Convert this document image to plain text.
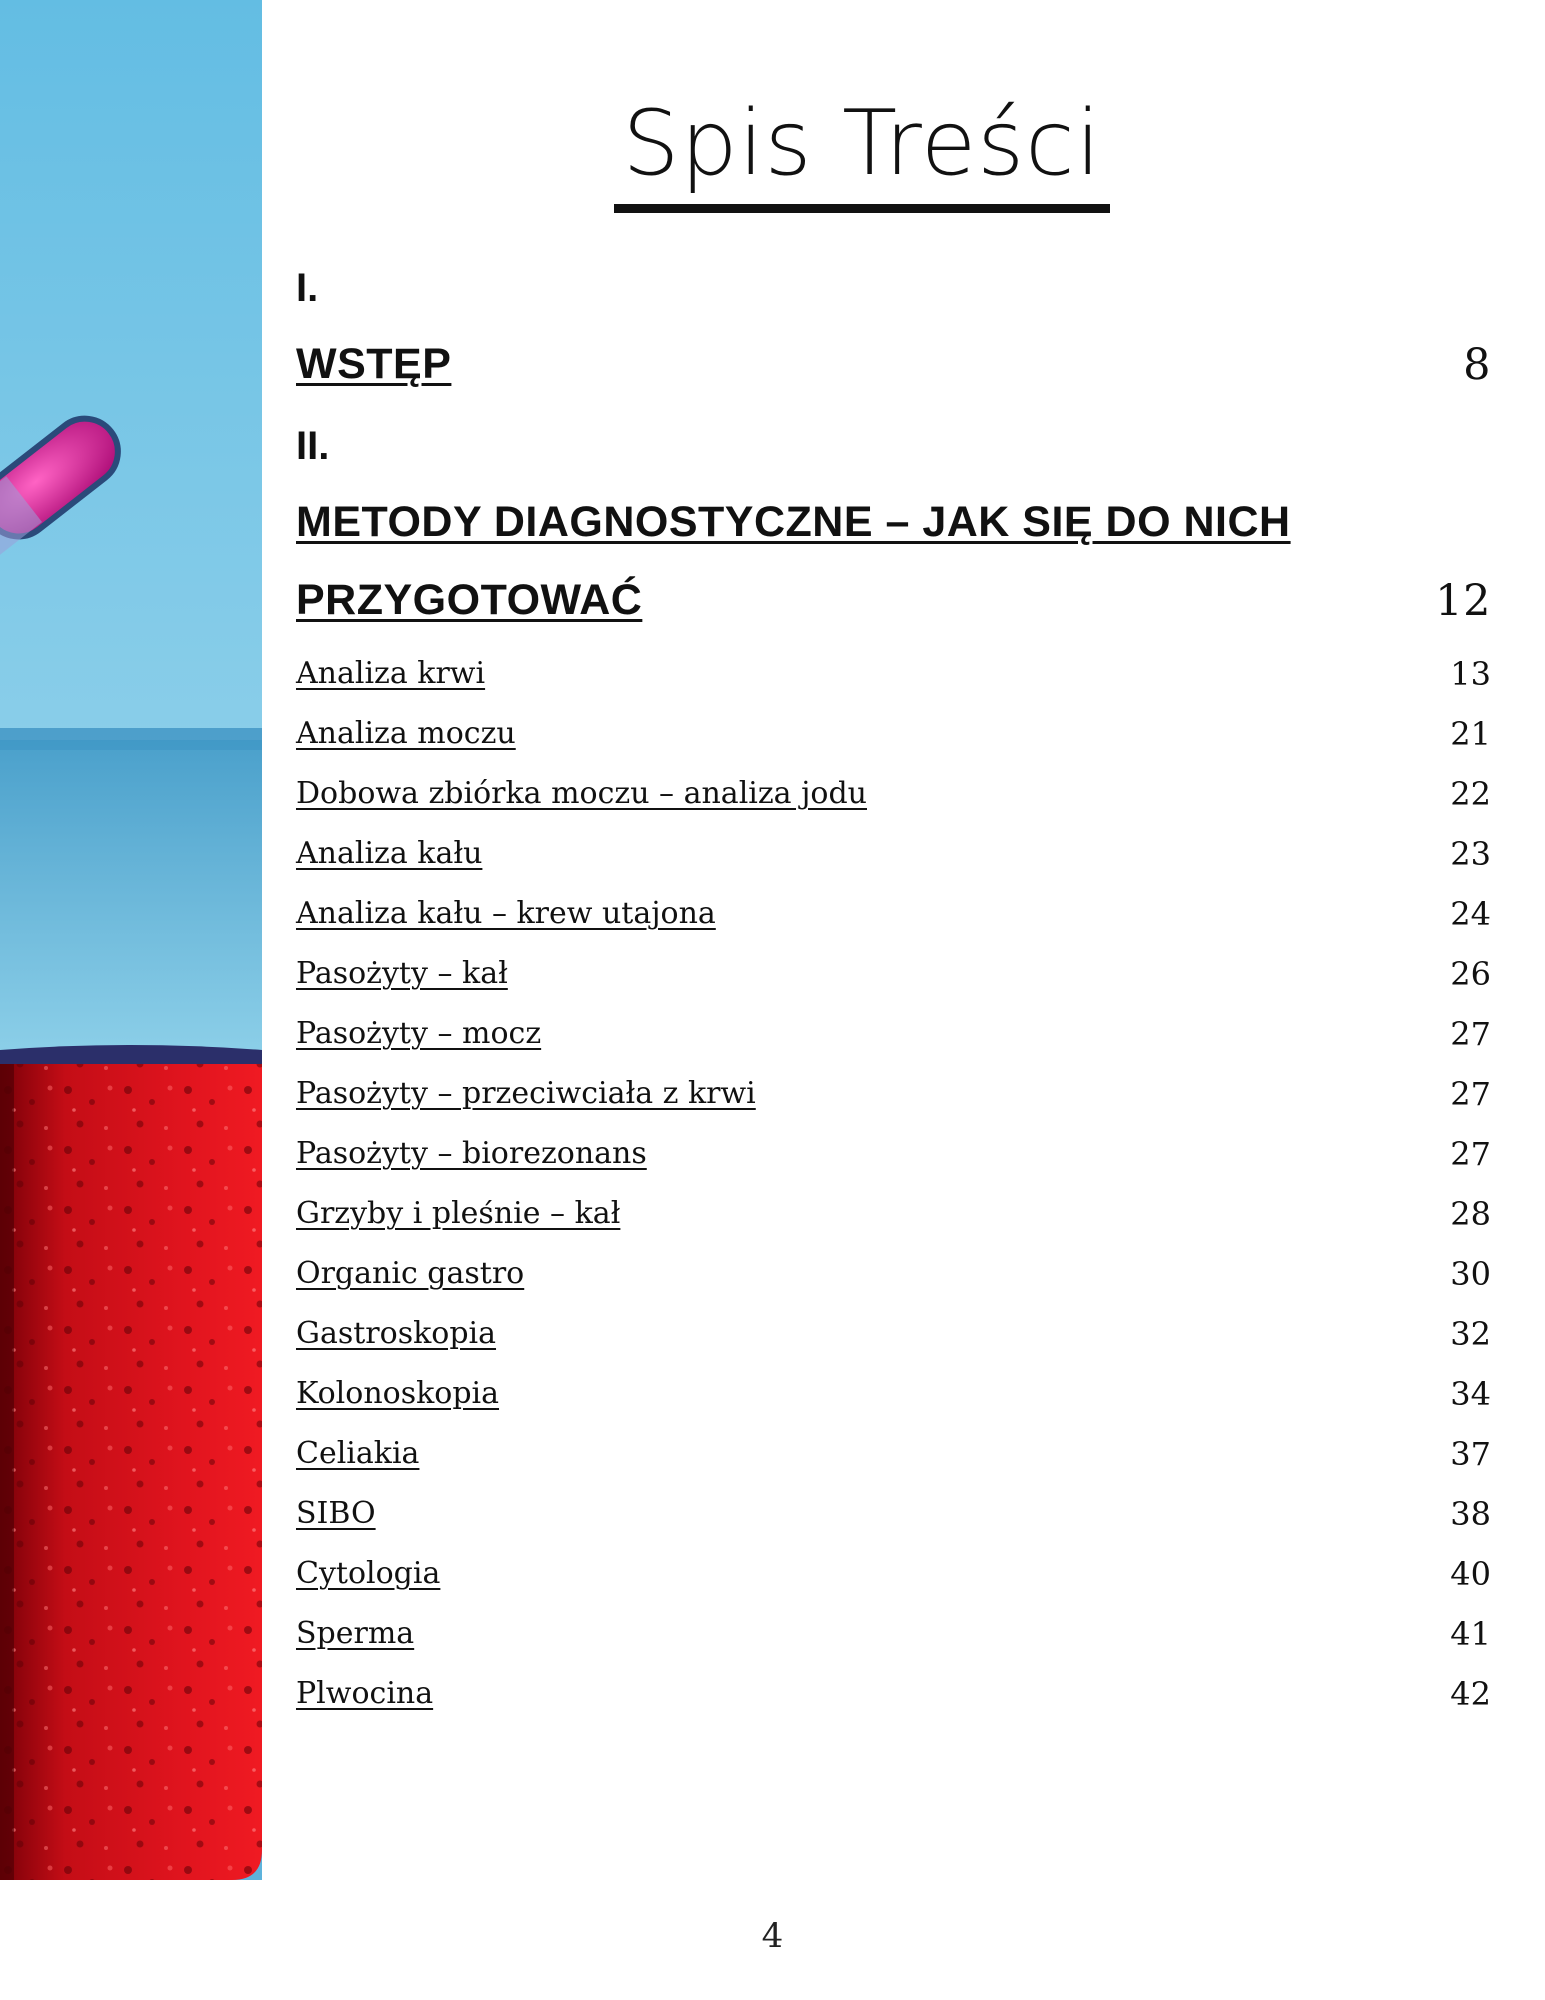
Spis Treści
I.
WSTĘP	8
II.
METODY DIAGNOSTYCZNE – JAK SIĘ DO NICH
PRZYGOTOWAĆ	12
Analiza krwi	13
Analiza moczu	21
Dobowa zbiórka moczu – analiza jodu	22
Analiza kału	23
Analiza kału – krew utajona	24
Pasożyty – kał	26
Pasożyty – mocz	27
Pasożyty – przeciwciała z krwi	27
Pasożyty – biorezonans	27
Grzyby i pleśnie – kał	28
Organic gastro	30
Gastroskopia	32
Kolonoskopia	34
Celiakia	37
SIBO	38
Cytologia	40
Sperma	41
Plwocina	42
4
